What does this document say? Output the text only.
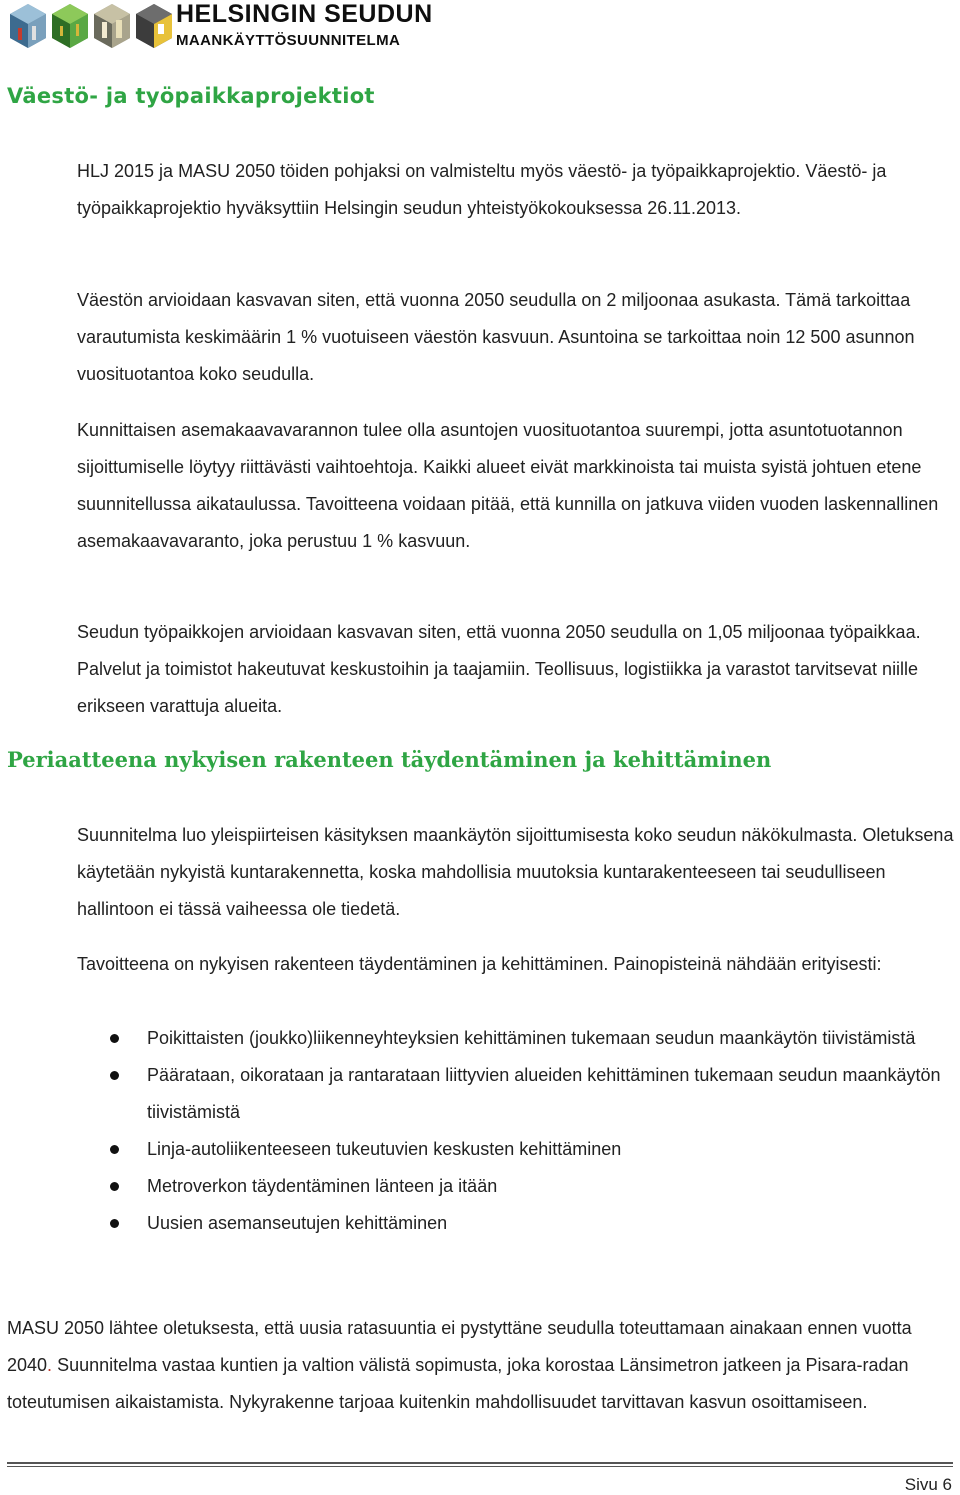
HELSINGIN SEUDUN
MAANKÄYTTÖSUUNNITELMA
Väestö- ja työpaikkaprojektiot

HLJ 2015 ja MASU 2050 töiden pohjaksi on valmisteltu myös väestö- ja työpaikkaprojektio. Väestö- ja työpaikkaprojektio hyväksyttiin Helsingin seudun yhteistyökokouksessa 26.11.2013.

Väestön arvioidaan kasvavan siten, että vuonna 2050 seudulla on 2 miljoonaa asukasta. Tämä tarkoittaa varautumista keskimäärin 1 % vuotuiseen väestön kasvuun. Asuntoina se tarkoittaa noin 12 500 asunnon vuosituotantoa koko seudulla.

Kunnittaisen asemakaavavarannon tulee olla asuntojen vuosituotantoa suurempi, jotta asuntotuotannon sijoittumiselle löytyy riittävästi vaihtoehtoja. Kaikki alueet eivät markkinoista tai muista syistä johtuen etene suunnitellussa aikataulussa. Tavoitteena voidaan pitää, että kunnilla on jatkuva viiden vuoden laskennallinen asemakaavavaranto, joka perustuu 1 % kasvuun.

Seudun työpaikkojen arvioidaan kasvavan siten, että vuonna 2050 seudulla on 1,05 miljoonaa työpaikkaa. Palvelut ja toimistot hakeutuvat keskustoihin ja taajamiin. Teollisuus, logistiikka ja varastot tarvitsevat niille erikseen varattuja alueita.

Periaatteena nykyisen rakenteen täydentäminen ja kehittäminen

Suunnitelma luo yleispiirteisen käsityksen maankäytön sijoittumisesta koko seudun näkökulmasta. Oletuksena käytetään nykyistä kuntarakennetta, koska mahdollisia muutoksia kuntarakenteeseen tai seudulliseen hallintoon ei tässä vaiheessa ole tiedetä.

Tavoitteena on nykyisen rakenteen täydentäminen ja kehittäminen. Painopisteinä nähdään erityisesti:

Poikittaisten (joukko)liikenneyhteyksien kehittäminen tukemaan seudun maankäytön tiivistämistä
Päärataan, oikorataan ja rantarataan liittyvien alueiden kehittäminen tukemaan seudun maankäytön tiivistämistä
Linja-autoliikenteeseen tukeutuvien keskusten kehittäminen
Metroverkon täydentäminen länteen ja itään
Uusien asemanseutujen kehittäminen

MASU 2050 lähtee oletuksesta, että uusia ratasuuntia ei pystyttäne seudulla toteuttamaan ainakaan ennen vuotta 2040. Suunnitelma vastaa kuntien ja valtion välistä sopimusta, joka korostaa Länsimetron jatkeen ja Pisara-radan toteutumisen aikaistamista. Nykyrakenne tarjoaa kuitenkin mahdollisuudet tarvittavan kasvun osoittamiseen.

Sivu 6
